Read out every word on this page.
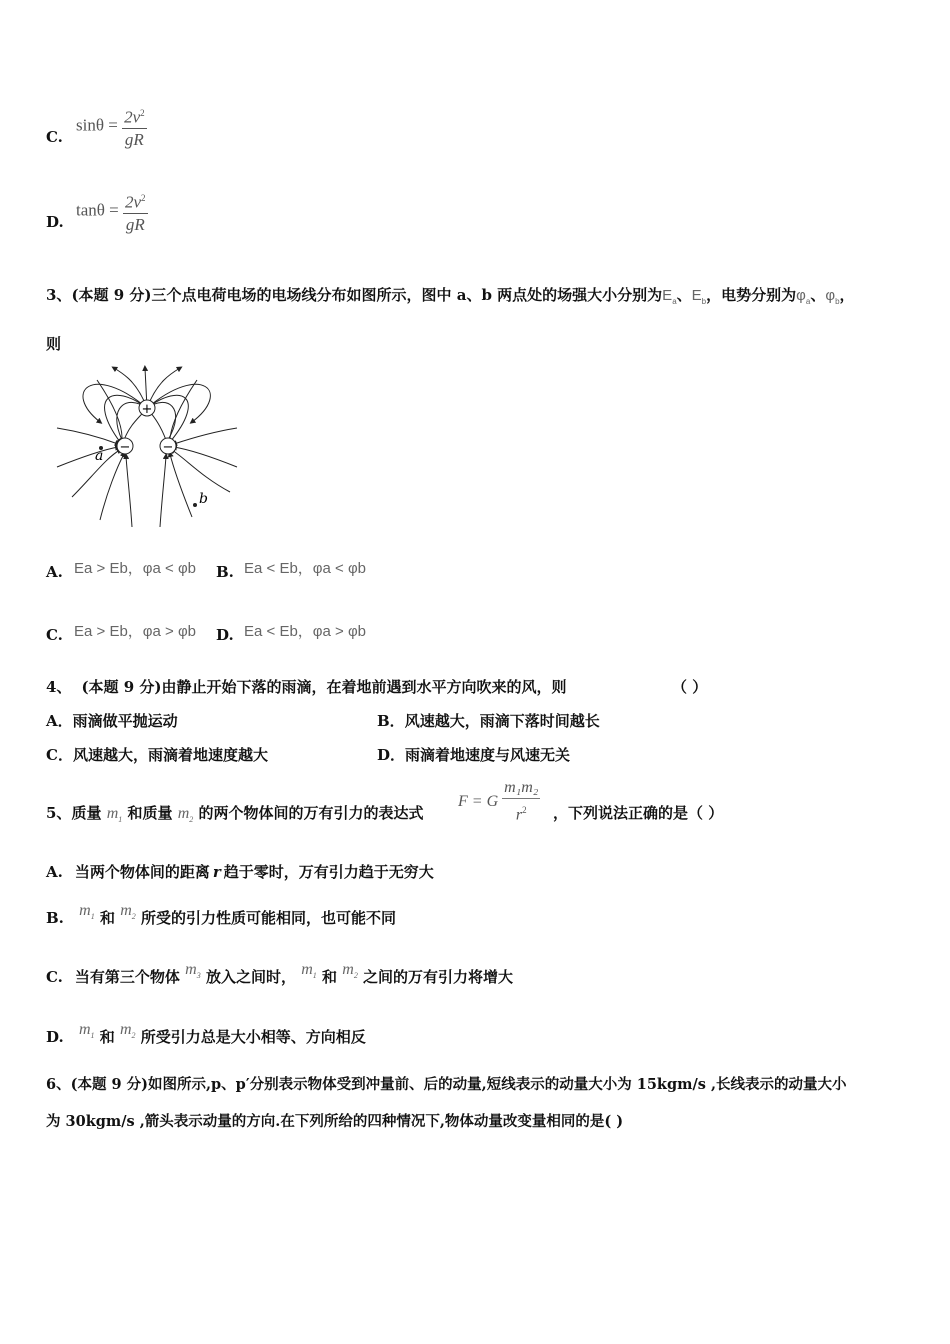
C.
$\sin\theta = \frac{2v^2}{gR}$
D.
$\tan\theta = \frac{2v^2}{gR}$
3、(本题 9 分)三个点电荷电场的电场线分布如图所示，图中 a、b 两点处的场强大小分别为$E_a$、$E_b$，电势分别为$\varphi_a$、$\varphi_b$，
则
+
− −
a
b
A. Ea > Eb，φa < φb B. Ea < Eb，φa < φb
C. Ea > Eb，φa > φb D. Ea < Eb，φa > φb
4、 (本题 9 分)由静止开始下落的雨滴，在着地前遇到水平方向吹来的风，则	（ ）
A．雨滴做平抛运动	B．风速越大，雨滴下落时间越长
C．风速越大，雨滴着地速度越大	D．雨滴着地速度与风速无关
5、质量 $m_1$ 和质量 $m_2$ 的两个物体间的万有引力的表达式
F = G $\frac{\text{m₁m₂}}{r^2}$ ，下列说法正确的是（ ）
A. 当两个物体间的距离 r 趋于零时，万有引力趋于无穷大
B. $m_1$ 和 $m_2$ 所受的引力性质可能相同，也可能不同
C. 当有第三个物体 $m_3$ 放入之间时， $m_1$ 和 $m_2$ 之间的万有引力将增大
D. $m_1$ 和 $m_2$ 所受引力总是大小相等、方向相反
6、(本题 9 分)如图所示,p、p′分别表示物体受到冲量前、后的动量,短线表示的动量大小为 15kgm/s ,长线表示的动量大小
为 30kgm/s ,箭头表示动量的方向.在下列所给的四种情况下,物体动量改变量相同的是( )
